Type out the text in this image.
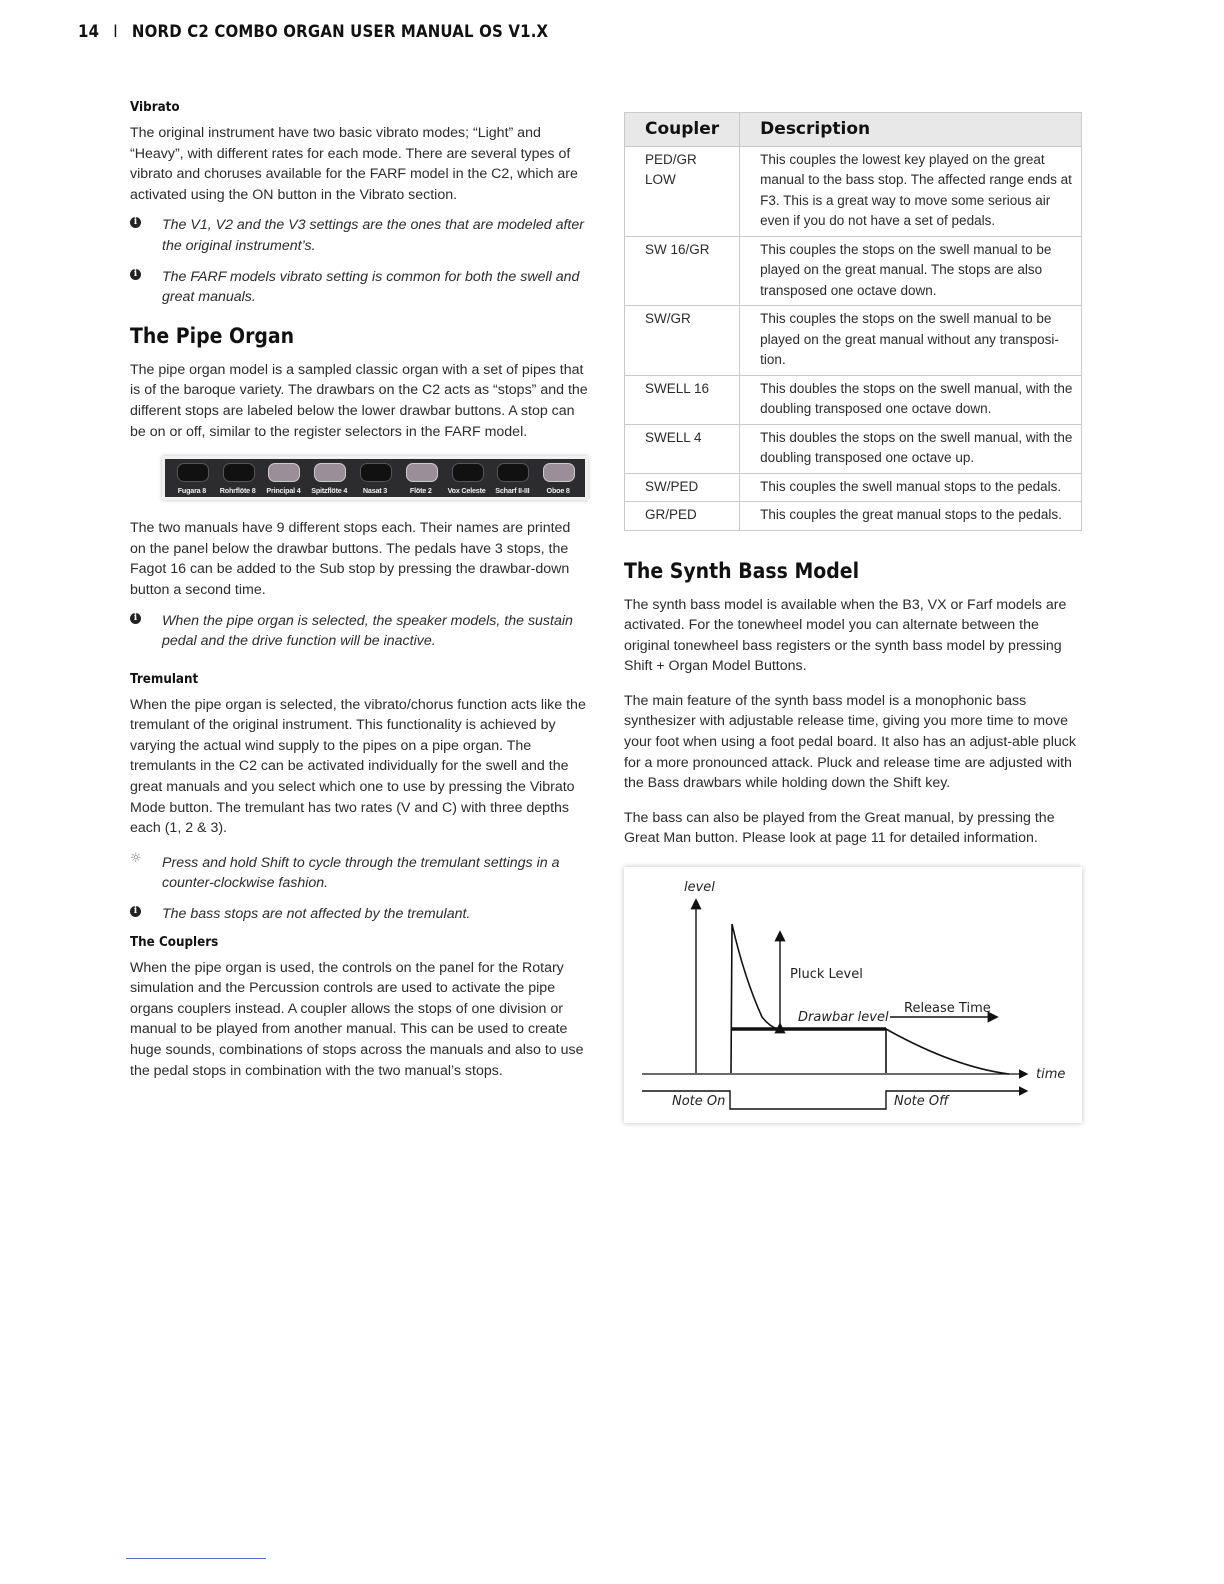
14 I NORD C2 COMBO ORGAN USER MANUAL OS V1.X
Vibrato

The original instrument have two basic vibrato modes; “Light” and “Heavy”, with different rates for each mode. There are several types of vibrato and choruses available for the FARF model in the C2, which are activated using the ON button in the Vibrato section.

i The V1, V2 and the V3 settings are the ones that are modeled after the original instrument’s.
i The FARF models vibrato setting is common for both the swell and great manuals.
The Pipe Organ

The pipe organ model is a sampled classic organ with a set of pipes that is of the baroque variety. The drawbars on the C2 acts as “stops” and the different stops are labeled below the lower drawbar buttons. A stop can be on or off, similar to the register selectors in the FARF model.

Fugara 8	Rohrflöte 8	Principal 4	Spitzflöte 4	Nasat 3	Flöte 2	Vox Celeste	Scharf II-III	Oboe 8

The two manuals have 9 different stops each. Their names are printed on the panel below the drawbar buttons. The pedals have 3 stops, the Fagot 16 can be added to the Sub stop by pressing the drawbar-down button a second time.

i When the pipe organ is selected, the speaker models, the sustain pedal and the drive function will be inactive.
Tremulant

When the pipe organ is selected, the vibrato/chorus function acts like the tremulant of the original instrument. This functionality is achieved by varying the actual wind supply to the pipes on a pipe organ. The tremulants in the C2 can be activated individually for the swell and the great manuals and you select which one to use by pressing the Vibrato Mode button. The tremulant has two rates (V and C) with three depths each (1, 2 & 3).

☼ Press and hold Shift to cycle through the tremulant settings in a counter-clockwise fashion.
i The bass stops are not affected by the tremulant.
The Couplers

When the pipe organ is used, the controls on the panel for the Rotary simulation and the Percussion controls are used to activate the pipe organs couplers instead. A coupler allows the stops of one division or manual to be played from another manual. This can be used to create huge sounds, combinations of stops across the manuals and also to use the pedal stops in combination with the two manual’s stops.

Coupler	Description
PED/GR LOW	This couples the lowest key played on the great manual to the bass stop. The affected range ends at F3. This is a great way to move some serious air even if you do not have a set of pedals.
SW 16/GR	This couples the stops on the swell manual to be played on the great manual. The stops are also transposed one octave down.
SW/GR	This couples the stops on the swell manual to be played on the great manual without any transposi-tion.
SWELL 16	This doubles the stops on the swell manual, with the doubling transposed one octave down.
SWELL 4	This doubles the stops on the swell manual, with the doubling transposed one octave up.
SW/PED	This couples the swell manual stops to the pedals.
GR/PED	This couples the great manual stops to the pedals.
The Synth Bass Model

The synth bass model is available when the B3, VX or Farf models are activated. For the tonewheel model you can alternate between the original tonewheel bass registers or the synth bass model by pressing Shift + Organ Model Buttons.

The main feature of the synth bass model is a monophonic bass synthesizer with adjustable release time, giving you more time to move your foot when using a foot pedal board. It also has an adjust-able pluck for a more pronounced attack. Pluck and release time are adjusted with the Bass drawbars while holding down the Shift key.

The bass can also be played from the Great manual, by pressing the Great Man button. Please look at page 11 for detailed information.

level
Pluck Level
Drawbar level
Release Time
time
Note On	Note Off
